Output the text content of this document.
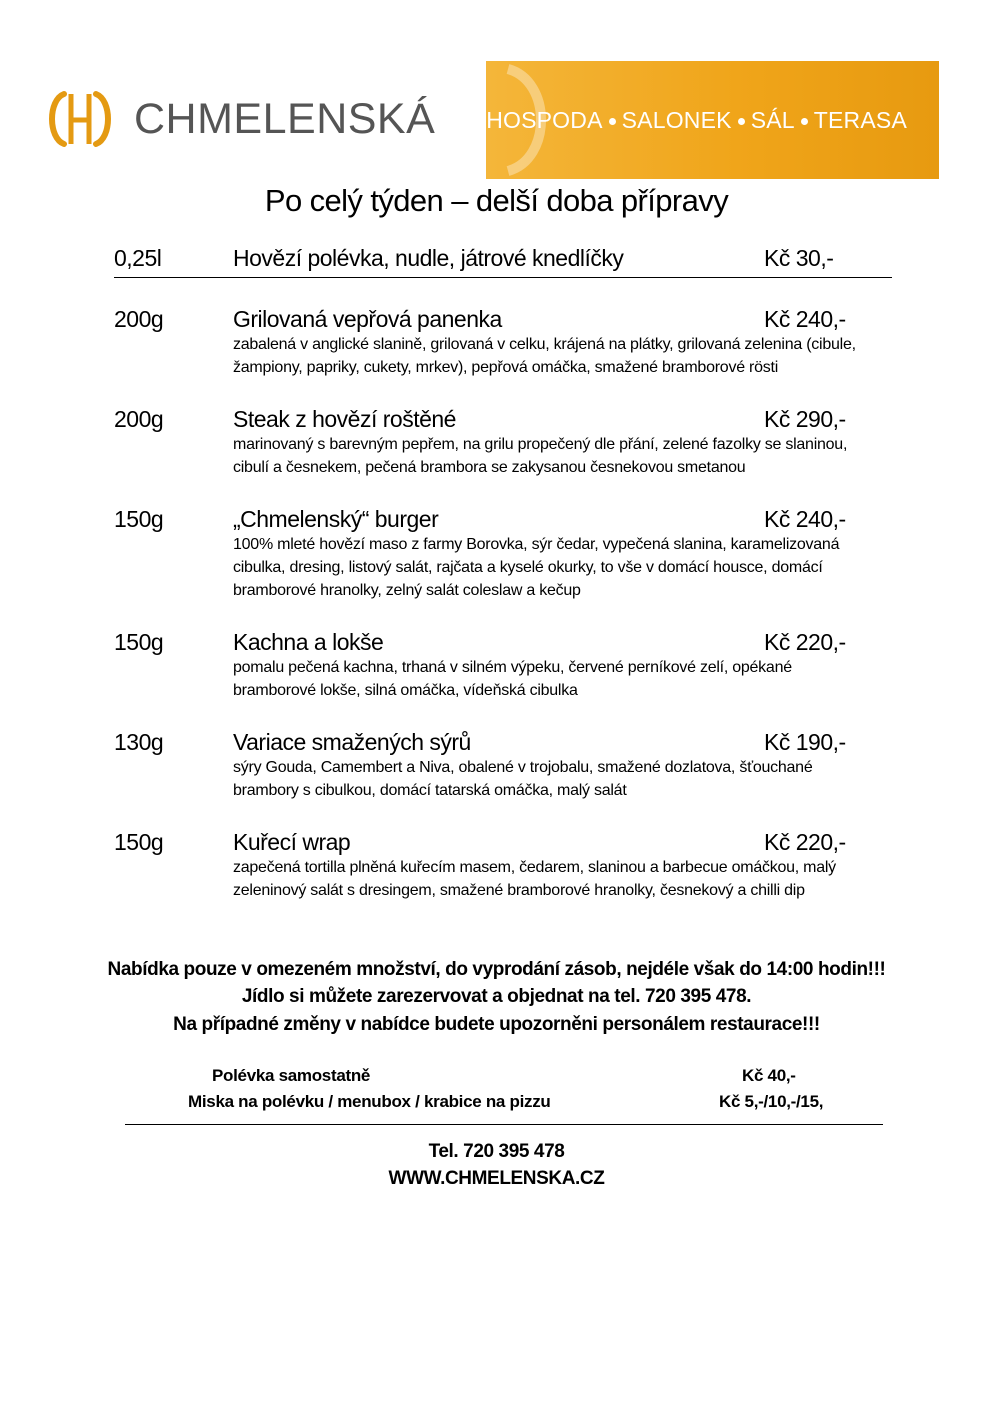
CHMELENSKÁ HOSPODA SALONEK SÁL TERASA
Po celý týden – delší doba přípravy
0,25l	Hovězí polévka, nudle, játrové knedlíčky	Kč 30,-
200g	Grilovaná vepřová panenka	Kč 240,-
zabalená v anglické slanině, grilovaná v celku, krájená na plátky, grilovaná zelenina (cibule, žampiony, papriky, cukety, mrkev), pepřová omáčka, smažené bramborové rösti
200g	Steak z hovězí roštěné	Kč 290,-
marinovaný s barevným pepřem, na grilu propečený dle přání, zelené fazolky se slaninou, cibulí a česnekem, pečená brambora se zakysanou česnekovou smetanou
150g	„Chmelenský“ burger	Kč 240,-
100% mleté hovězí maso z farmy Borovka, sýr čedar, vypečená slanina, karamelizovaná cibulka, dresing, listový salát, rajčata a kyselé okurky, to vše v domácí housce, domácí bramborové hranolky, zelný salát coleslaw a kečup
150g	Kachna a lokše	Kč 220,-
pomalu pečená kachna, trhaná v silném výpeku, červené perníkové zelí, opékané bramborové lokše, silná omáčka, vídeňská cibulka
130g	Variace smažených sýrů	Kč 190,-
sýry Gouda, Camembert a Niva, obalené v trojobalu, smažené dozlatova, šťouchané brambory s cibulkou, domácí tatarská omáčka, malý salát
150g	Kuřecí wrap	Kč 220,-
zapečená tortilla plněná kuřecím masem, čedarem, slaninou a barbecue omáčkou, malý zeleninový salát s dresingem, smažené bramborové hranolky, česnekový a chilli dip
Nabídka pouze v omezeném množství, do vyprodání zásob, nejdéle však do 14:00 hodin!!!
Jídlo si můžete zarezervovat a objednat na tel. 720 395 478.
Na případné změny v nabídce budete upozorněni personálem restaurace!!!
Polévka samostatně	Kč 40,-
Miska na polévku / menubox / krabice na pizzu	Kč 5,-/10,-/15,
Tel. 720 395 478
WWW.CHMELENSKA.CZ
